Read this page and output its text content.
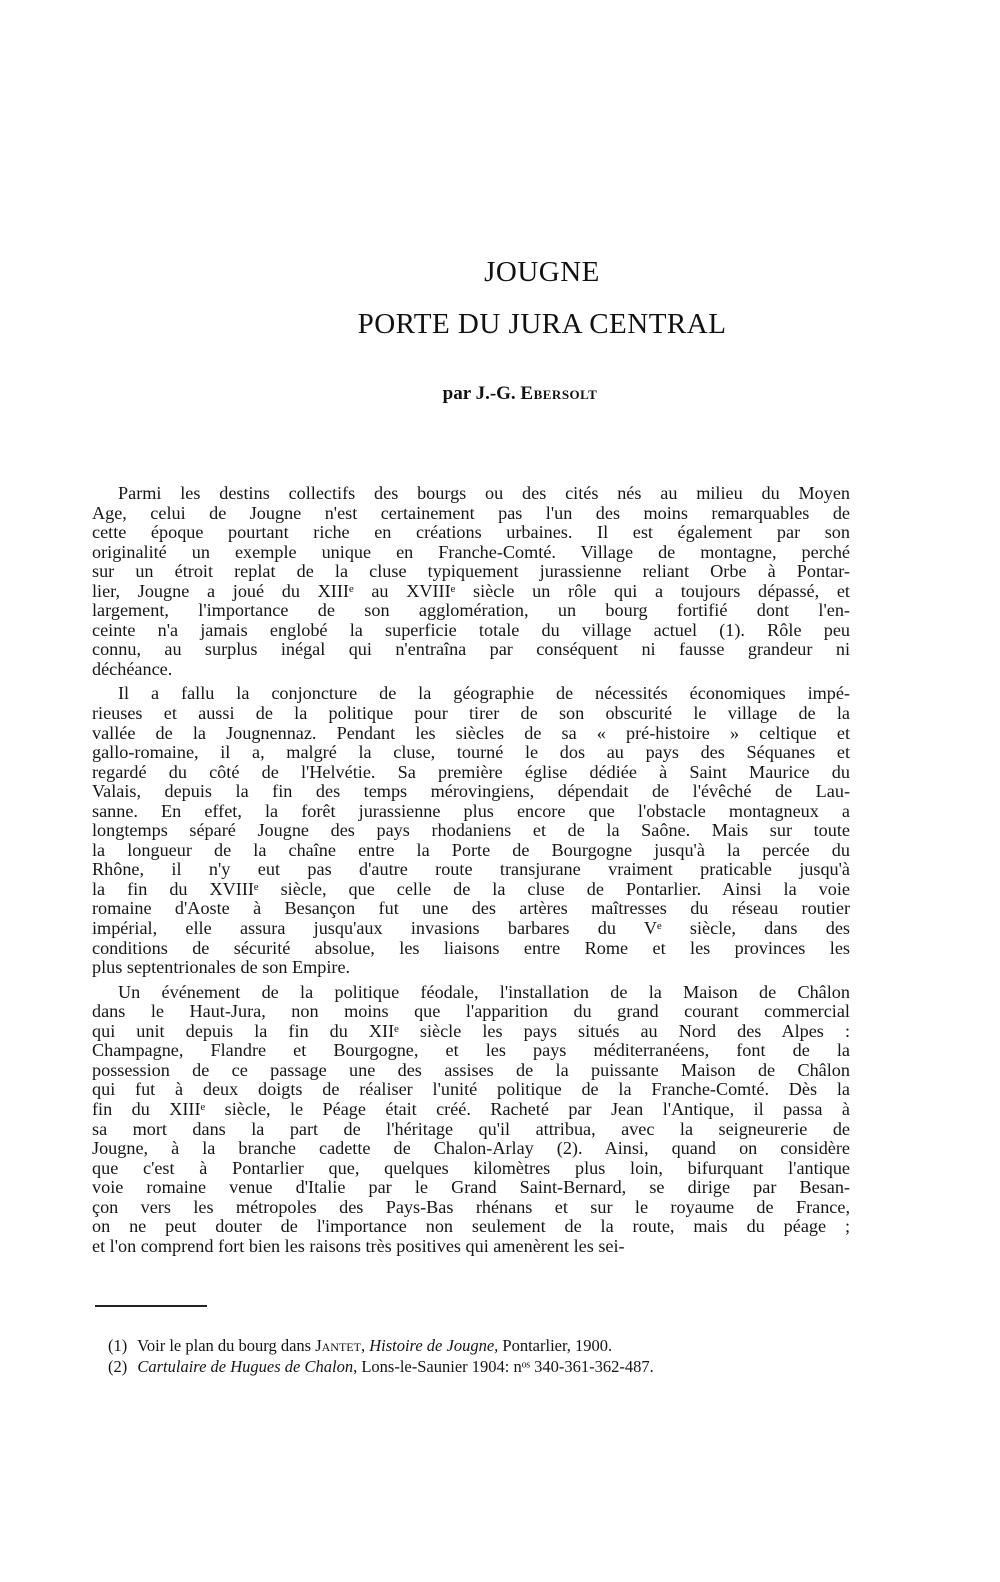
JOUGNE
PORTE DU JURA CENTRAL
par J.-G. Ebersolt
Parmi les destins collectifs des bourgs ou des cités nés au milieu du Moyen
Age, celui de Jougne n'est certainement pas l'un des moins remarquables de
cette époque pourtant riche en créations urbaines. Il est également par son
originalité un exemple unique en Franche-Comté. Village de montagne, perché
sur un étroit replat de la cluse typiquement jurassienne reliant Orbe à Pontar-
lier, Jougne a joué du XIIIᵉ au XVIIIᵉ siècle un rôle qui a toujours dépassé, et
largement, l'importance de son agglomération, un bourg fortifié dont l'en-
ceinte n'a jamais englobé la superficie totale du village actuel (1). Rôle peu
connu, au surplus inégal qui n'entraîna par conséquent ni fausse grandeur ni
déchéance.
Il a fallu la conjoncture de la géographie de nécessités économiques impé-
rieuses et aussi de la politique pour tirer de son obscurité le village de la
vallée de la Jougnennaz. Pendant les siècles de sa « pré-histoire » celtique et
gallo-romaine, il a, malgré la cluse, tourné le dos au pays des Séquanes et
regardé du côté de l'Helvétie. Sa première église dédiée à Saint Maurice du
Valais, depuis la fin des temps mérovingiens, dépendait de l'évêché de Lau-
sanne. En effet, la forêt jurassienne plus encore que l'obstacle montagneux a
longtemps séparé Jougne des pays rhodaniens et de la Saône. Mais sur toute
la longueur de la chaîne entre la Porte de Bourgogne jusqu'à la percée du
Rhône, il n'y eut pas d'autre route transjurane vraiment praticable jusqu'à
la fin du XVIIIᵉ siècle, que celle de la cluse de Pontarlier. Ainsi la voie
romaine d'Aoste à Besançon fut une des artères maîtresses du réseau routier
impérial, elle assura jusqu'aux invasions barbares du Vᵉ siècle, dans des
conditions de sécurité absolue, les liaisons entre Rome et les provinces les
plus septentrionales de son Empire.
Un événement de la politique féodale, l'installation de la Maison de Châlon
dans le Haut-Jura, non moins que l'apparition du grand courant commercial
qui unit depuis la fin du XIIᵉ siècle les pays situés au Nord des Alpes :
Champagne, Flandre et Bourgogne, et les pays méditerranéens, font de la
possession de ce passage une des assises de la puissante Maison de Châlon
qui fut à deux doigts de réaliser l'unité politique de la Franche-Comté. Dès la
fin du XIIIᵉ siècle, le Péage était créé. Racheté par Jean l'Antique, il passa à
sa mort dans la part de l'héritage qu'il attribua, avec la seigneurerie de
Jougne, à la branche cadette de Chalon-Arlay (2). Ainsi, quand on considère
que c'est à Pontarlier que, quelques kilomètres plus loin, bifurquant l'antique
voie romaine venue d'Italie par le Grand Saint-Bernard, se dirige par Besan-
çon vers les métropoles des Pays-Bas rhénans et sur le royaume de France,
on ne peut douter de l'importance non seulement de la route, mais du péage ;
et l'on comprend fort bien les raisons très positives qui amenèrent les sei-
(1) Voir le plan du bourg dans Jantet, Histoire de Jougne, Pontarlier, 1900.
(2) Cartulaire de Hugues de Chalon, Lons-le-Saunier 1904: nᵒˢ 340-361-362-487.
